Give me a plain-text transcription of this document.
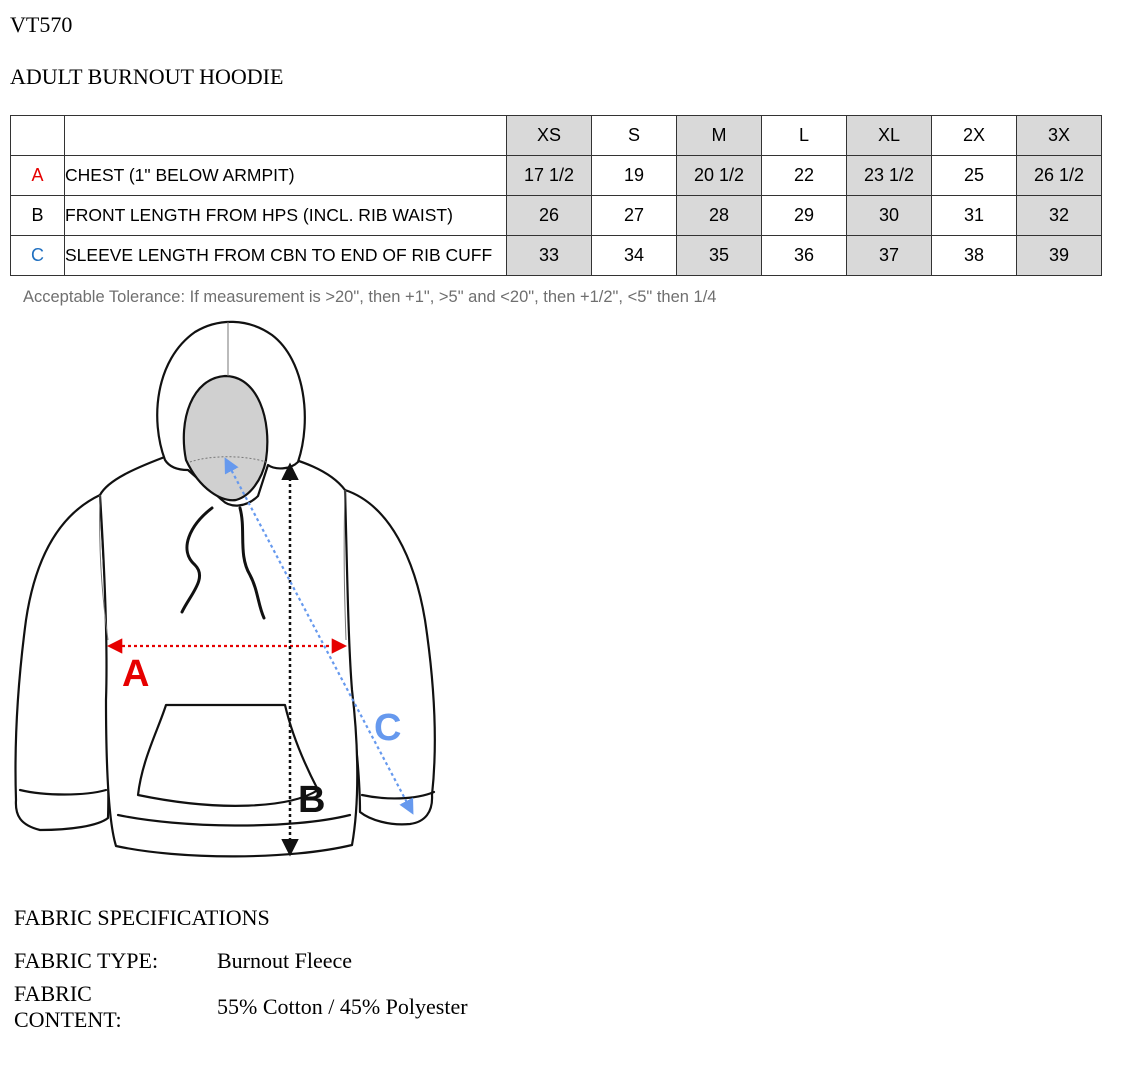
VT570
ADULT BURNOUT HOODIE
		XS	S	M	L	XL	2X	3X
A	CHEST (1" BELOW ARMPIT)	17 1/2	19	20 1/2	22	23 1/2	25	26 1/2
B	FRONT LENGTH FROM HPS (INCL. RIB WAIST)	26	27	28	29	30	31	32
C	SLEEVE LENGTH FROM CBN TO END OF RIB CUFF	33	34	35	36	37	38	39
Acceptable Tolerance: If measurement is >20", then +1", >5" and <20", then +1/2", <5" then 1/4
A
B
C
FABRIC SPECIFICATIONS
FABRIC TYPE:	Burnout Fleece
FABRIC
CONTENT:
55% Cotton / 45% Polyester
